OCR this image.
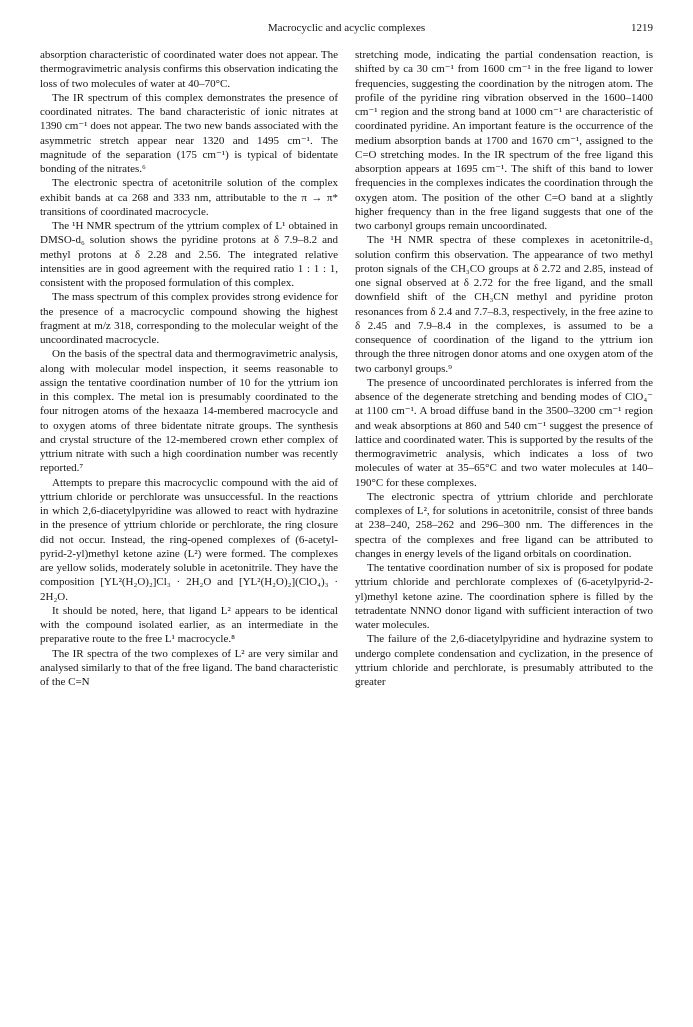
Macrocyclic and acyclic complexes	1219

absorption characteristic of coordinated water does not appear. The thermogravimetric analysis confirms this observation indicating the loss of two molecules of water at 40–70°C.

The IR spectrum of this complex demonstrates the presence of coordinated nitrates. The band characteristic of ionic nitrates at 1390 cm⁻¹ does not appear. The two new bands associated with the asymmetric stretch appear near 1320 and 1495 cm⁻¹. The magnitude of the separation (175 cm⁻¹) is typical of bidentate bonding of the nitrates.⁶

The electronic spectra of acetonitrile solution of the complex exhibit bands at ca 268 and 333 nm, attributable to the π → π* transitions of coordinated macrocycle.

The ¹H NMR spectrum of the yttrium complex of L¹ obtained in DMSO-d₆ solution shows the pyridine protons at δ 7.9–8.2 and methyl protons at δ 2.28 and 2.56. The integrated relative intensities are in good agreement with the required ratio 1 : 1 : 1, consistent with the proposed formulation of this complex.

The mass spectrum of this complex provides strong evidence for the presence of a macrocyclic compound showing the highest fragment at m/z 318, corresponding to the molecular weight of the uncoordinated macrocycle.

On the basis of the spectral data and thermogravimetric analysis, along with molecular model inspection, it seems reasonable to assign the tentative coordination number of 10 for the yttrium ion in this complex. The metal ion is presumably coordinated to the four nitrogen atoms of the hexaaza 14-membered macrocycle and to oxygen atoms of three bidentate nitrate groups. The synthesis and crystal structure of the 12-membered crown ether complex of yttrium nitrate with such a high coordination number was recently reported.⁷

Attempts to prepare this macrocyclic compound with the aid of yttrium chloride or perchlorate was unsuccessful. In the reactions in which 2,6-diacetylpyridine was allowed to react with hydrazine in the presence of yttrium chloride or perchlorate, the ring closure did not occur. Instead, the ring-opened complexes of (6-acetyl-pyrid-2-yl)methyl ketone azine (L²) were formed. The complexes are yellow solids, moderately soluble in acetonitrile. They have the composition [YL²(H₂O)₂]Cl₃ · 2H₂O and [YL²(H₂O)₂](ClO₄)₃ · 2H₂O.

It should be noted, here, that ligand L² appears to be identical with the compound isolated earlier, as an intermediate in the preparative route to the free L¹ macrocycle.⁸

The IR spectra of the two complexes of L² are very similar and analysed similarly to that of the free ligand. The band characteristic of the C=N

stretching mode, indicating the partial condensation reaction, is shifted by ca 30 cm⁻¹ from 1600 cm⁻¹ in the free ligand to lower frequencies, suggesting the coordination by the nitrogen atom. The profile of the pyridine ring vibration observed in the 1600–1400 cm⁻¹ region and the strong band at 1000 cm⁻¹ are characteristic of coordinated pyridine. An important feature is the occurrence of the medium absorption bands at 1700 and 1670 cm⁻¹, assigned to the C=O stretching modes. In the IR spectrum of the free ligand this absorption appears at 1695 cm⁻¹. The shift of this band to lower frequencies in the complexes indicates the coordination through the oxygen atom. The position of the other C=O band at a slightly higher frequency than in the free ligand suggests that one of the two carbonyl groups remain uncoordinated.

The ¹H NMR spectra of these complexes in acetonitrile-d₃ solution confirm this observation. The appearance of two methyl proton signals of the CH₃CO groups at δ 2.72 and 2.85, instead of one signal observed at δ 2.72 for the free ligand, and the small downfield shift of the CH₃CN methyl and pyridine proton resonances from δ 2.4 and 7.7–8.3, respectively, in the free azine to δ 2.45 and 7.9–8.4 in the complexes, is assumed to be a consequence of coordination of the ligand to the yttrium ion through the three nitrogen donor atoms and one oxygen atom of the two carbonyl groups.⁹

The presence of uncoordinated perchlorates is inferred from the absence of the degenerate stretching and bending modes of ClO₄⁻ at 1100 cm⁻¹. A broad diffuse band in the 3500–3200 cm⁻¹ region and weak absorptions at 860 and 540 cm⁻¹ suggest the presence of lattice and coordinated water. This is supported by the results of the thermogravimetric analysis, which indicates a loss of two molecules of water at 35–65°C and two water molecules at 140–190°C for these complexes.

The electronic spectra of yttrium chloride and perchlorate complexes of L², for solutions in acetonitrile, consist of three bands at 238–240, 258–262 and 296–300 nm. The differences in the spectra of the complexes and free ligand can be attributed to changes in energy levels of the ligand orbitals on coordination.

The tentative coordination number of six is proposed for podate yttrium chloride and perchlorate complexes of (6-acetylpyrid-2-yl)methyl ketone azine. The coordination sphere is filled by the tetradentate NNNO donor ligand with sufficient interaction of two water molecules.

The failure of the 2,6-diacetylpyridine and hydrazine system to undergo complete condensation and cyclization, in the presence of yttrium chloride and perchlorate, is presumably attributed to the greater
